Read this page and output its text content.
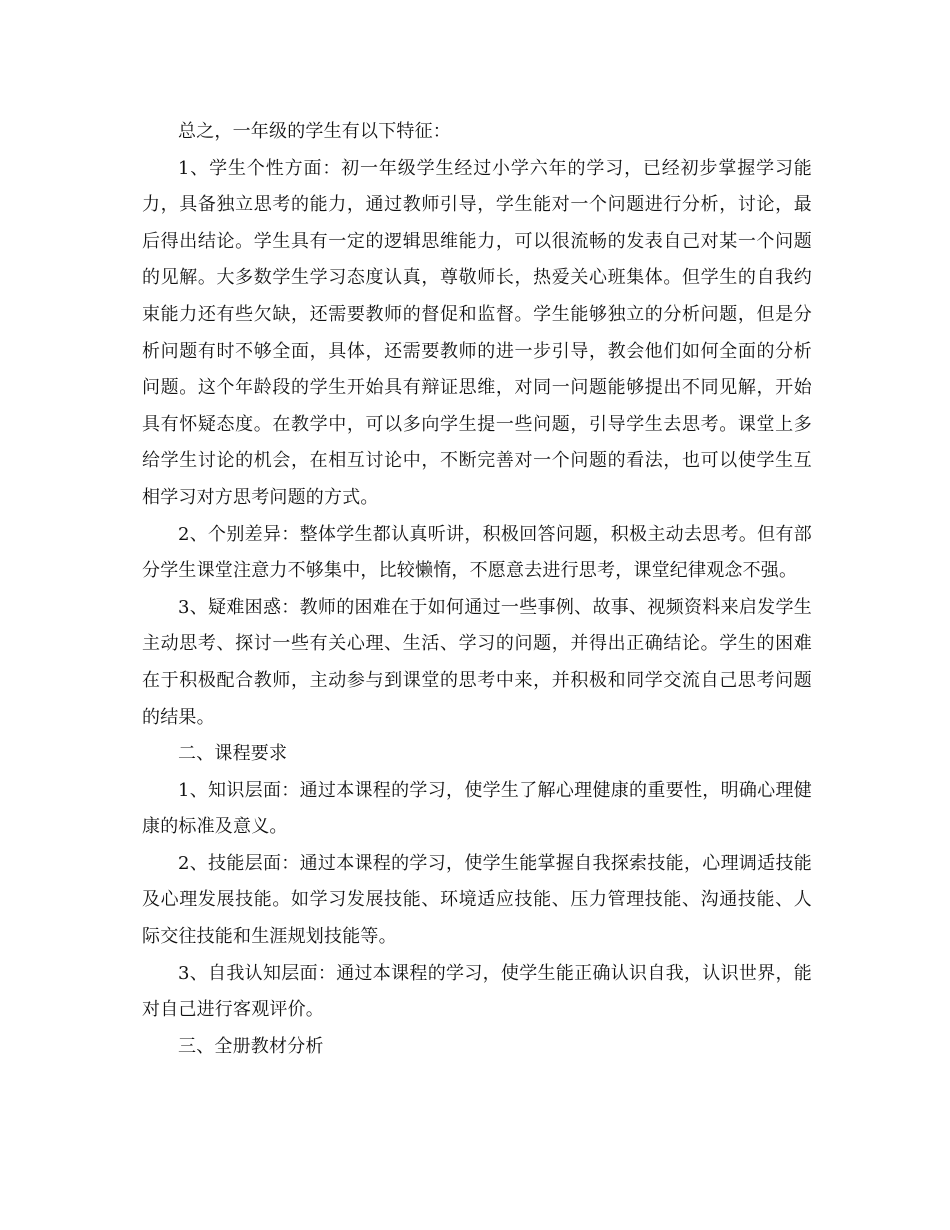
总之，一年级的学生有以下特征：

1、学生个性方面：初一年级学生经过小学六年的学习，已经初步掌握学习能力，具备独立思考的能力，通过教师引导，学生能对一个问题进行分析，讨论，最后得出结论。学生具有一定的逻辑思维能力，可以很流畅的发表自己对某一个问题的见解。大多数学生学习态度认真，尊敬师长，热爱关心班集体。但学生的自我约束能力还有些欠缺，还需要教师的督促和监督。学生能够独立的分析问题，但是分析问题有时不够全面，具体，还需要教师的进一步引导，教会他们如何全面的分析问题。这个年龄段的学生开始具有辩证思维，对同一问题能够提出不同见解，开始具有怀疑态度。在教学中，可以多向学生提一些问题，引导学生去思考。课堂上多给学生讨论的机会，在相互讨论中，不断完善对一个问题的看法，也可以使学生互相学习对方思考问题的方式。

2、个别差异：整体学生都认真听讲，积极回答问题，积极主动去思考。但有部分学生课堂注意力不够集中，比较懒惰，不愿意去进行思考，课堂纪律观念不强。

3、疑难困惑：教师的困难在于如何通过一些事例、故事、视频资料来启发学生主动思考、探讨一些有关心理、生活、学习的问题，并得出正确结论。学生的困难在于积极配合教师，主动参与到课堂的思考中来，并积极和同学交流自己思考问题的结果。

二、课程要求

1、知识层面：通过本课程的学习，使学生了解心理健康的重要性，明确心理健康的标准及意义。

2、技能层面：通过本课程的学习，使学生能掌握自我探索技能，心理调适技能及心理发展技能。如学习发展技能、环境适应技能、压力管理技能、沟通技能、人际交往技能和生涯规划技能等。

3、自我认知层面：通过本课程的学习，使学生能正确认识自我，认识世界，能对自己进行客观评价。

三、全册教材分析
